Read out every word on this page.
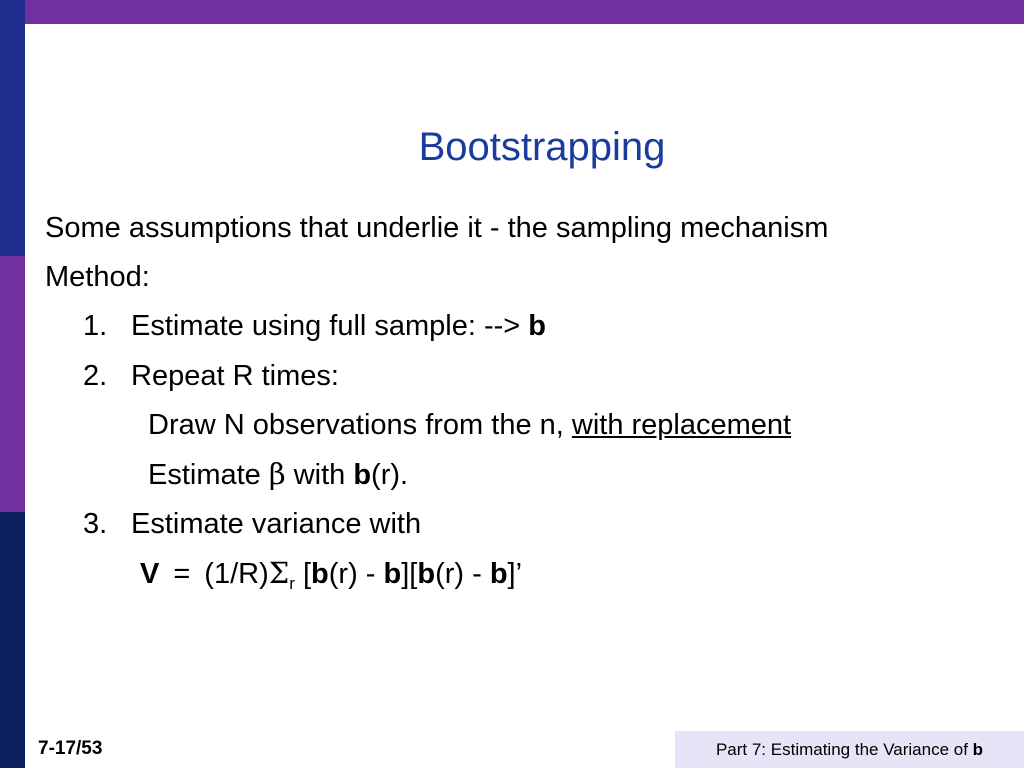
Bootstrapping
Some assumptions that underlie it - the sampling mechanism
Method:
1. Estimate using full sample: --> b
2. Repeat R times:
Draw N observations from the n, with replacement
Estimate β with b(r).
3. Estimate variance with
$V = (1/R)\Sigma_r$ [b(r) - b][b(r) - b]’
7-17/53	Part 7: Estimating the Variance of b
